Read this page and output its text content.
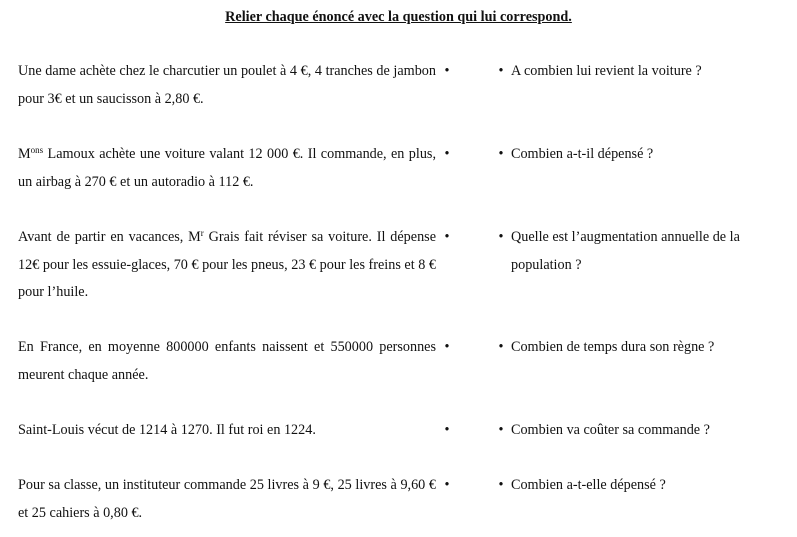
Relier chaque énoncé avec la question qui lui correspond.
Une dame achète chez le charcutier un poulet à 4 €, 4 tranches de jambon pour 3€ et un saucisson à 2,80 €.
•
$M^{ons}$ Lamoux achète une voiture valant 12 000 €. Il commande, en plus, un airbag à 270 € et un autoradio à 112 €.
•
Avant de partir en vacances, $M^r$ Grais fait réviser sa voiture. Il dépense 12€ pour les essuie-glaces, 70 € pour les pneus, 23 € pour les freins et 8 € pour l’huile.
•
En France, en moyenne 800000 enfants naissent et 550000 personnes meurent chaque année.
•
Saint-Louis vécut de 1214 à 1270. Il fut roi en 1224.	•
Pour sa classe, un instituteur commande 25 livres à 9 €, 25 livres à 9,60 € et 25 cahiers à 0,80 €.
•
• A combien lui revient la voiture ?
• Combien a-t-il dépensé ?
• Quelle est l’augmentation annuelle de la population ?
• Combien de temps dura son règne ?
• Combien va coûter sa commande ?
• Combien a-t-elle dépensé ?
